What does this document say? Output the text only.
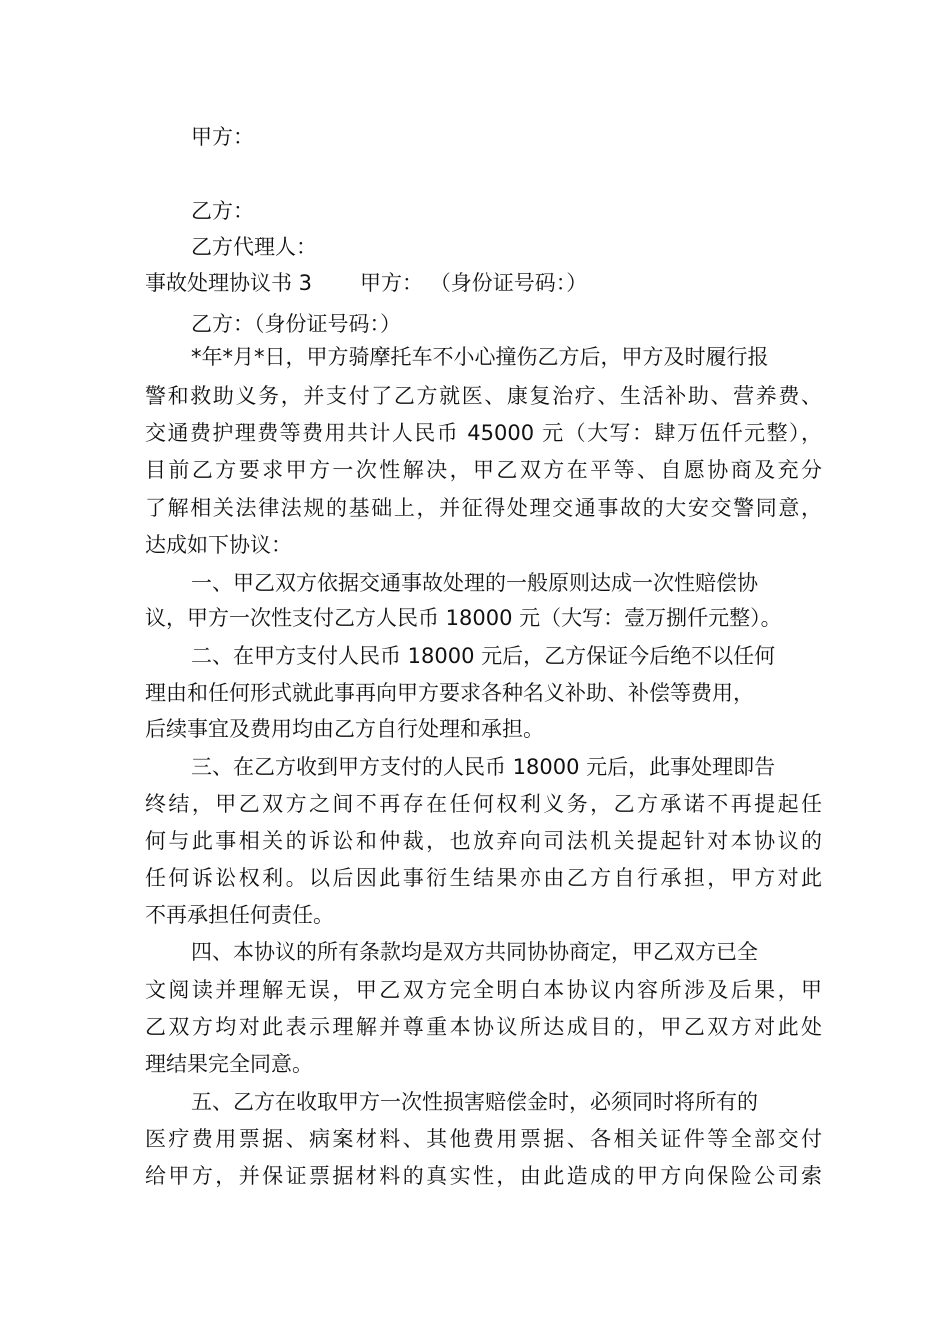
甲方：
乙方：
乙方代理人：
事故处理协议书 3 甲方： （身份证号码：）
乙方：（身份证号码：）
*年*月*日，甲方骑摩托车不小心撞伤乙方后，甲方及时履行报
警和救助义务，并支付了乙方就医、康复治疗、生活补助、营养费、
交通费护理费等费用共计人民币 45000 元（大写：肆万伍仟元整），
目前乙方要求甲方一次性解决，甲乙双方在平等、自愿协商及充分
了解相关法律法规的基础上，并征得处理交通事故的大安交警同意，
达成如下协议：
一、甲乙双方依据交通事故处理的一般原则达成一次性赔偿协
议，甲方一次性支付乙方人民币 18000 元（大写：壹万捌仟元整）。
二、在甲方支付人民币 18000 元后，乙方保证今后绝不以任何
理由和任何形式就此事再向甲方要求各种名义补助、补偿等费用，
后续事宜及费用均由乙方自行处理和承担。
三、在乙方收到甲方支付的人民币 18000 元后，此事处理即告
终结，甲乙双方之间不再存在任何权利义务，乙方承诺不再提起任
何与此事相关的诉讼和仲裁，也放弃向司法机关提起针对本协议的
任何诉讼权利。以后因此事衍生结果亦由乙方自行承担，甲方对此
不再承担任何责任。
四、本协议的所有条款均是双方共同协协商定，甲乙双方已全
文阅读并理解无误，甲乙双方完全明白本协议内容所涉及后果，甲
乙双方均对此表示理解并尊重本协议所达成目的，甲乙双方对此处
理结果完全同意。
五、乙方在收取甲方一次性损害赔偿金时，必须同时将所有的
医疗费用票据、病案材料、其他费用票据、各相关证件等全部交付
给甲方，并保证票据材料的真实性，由此造成的甲方向保险公司索
